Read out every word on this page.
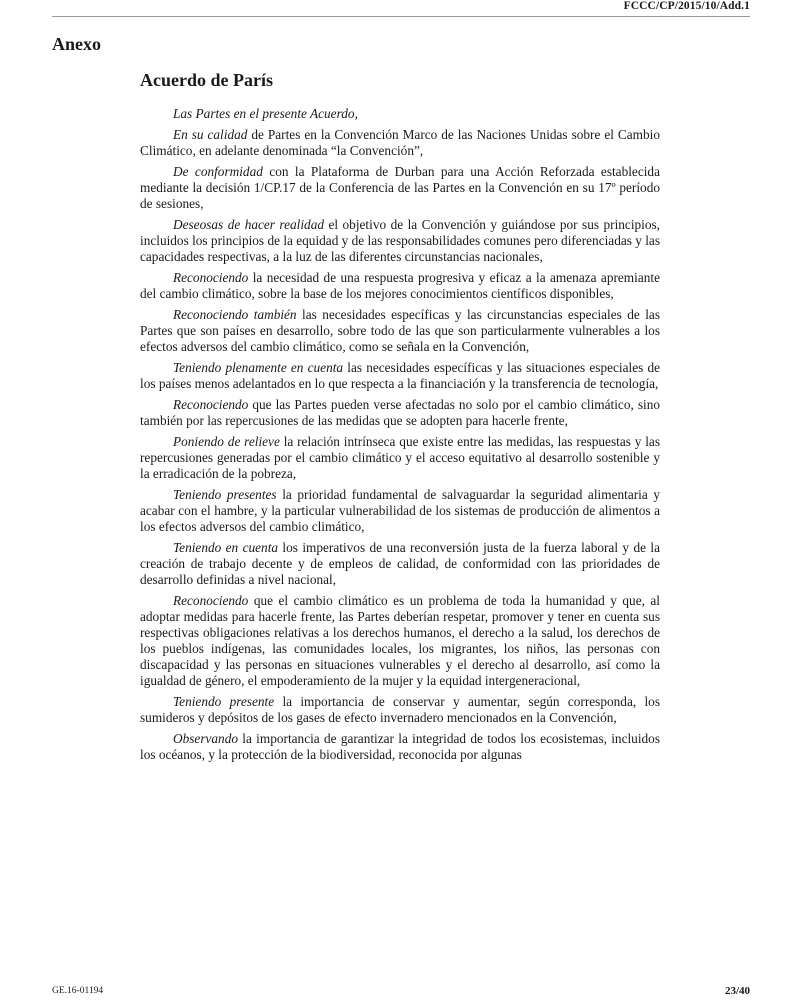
FCCC/CP/2015/10/Add.1
Anexo
Acuerdo de París

Las Partes en el presente Acuerdo,

En su calidad de Partes en la Convención Marco de las Naciones Unidas sobre el Cambio Climático, en adelante denominada “la Convención”,

De conformidad con la Plataforma de Durban para una Acción Reforzada establecida mediante la decisión 1/CP.17 de la Conferencia de las Partes en la Convención en su 17º período de sesiones,

Deseosas de hacer realidad el objetivo de la Convención y guiándose por sus principios, incluidos los principios de la equidad y de las responsabilidades comunes pero diferenciadas y las capacidades respectivas, a la luz de las diferentes circunstancias nacionales,

Reconociendo la necesidad de una respuesta progresiva y eficaz a la amenaza apremiante del cambio climático, sobre la base de los mejores conocimientos científicos disponibles,

Reconociendo también las necesidades específicas y las circunstancias especiales de las Partes que son países en desarrollo, sobre todo de las que son particularmente vulnerables a los efectos adversos del cambio climático, como se señala en la Convención,

Teniendo plenamente en cuenta las necesidades específicas y las situaciones especiales de los países menos adelantados en lo que respecta a la financiación y la transferencia de tecnología,

Reconociendo que las Partes pueden verse afectadas no solo por el cambio climático, sino también por las repercusiones de las medidas que se adopten para hacerle frente,

Poniendo de relieve la relación intrínseca que existe entre las medidas, las respuestas y las repercusiones generadas por el cambio climático y el acceso equitativo al desarrollo sostenible y la erradicación de la pobreza,

Teniendo presentes la prioridad fundamental de salvaguardar la seguridad alimentaria y acabar con el hambre, y la particular vulnerabilidad de los sistemas de producción de alimentos a los efectos adversos del cambio climático,

Teniendo en cuenta los imperativos de una reconversión justa de la fuerza laboral y de la creación de trabajo decente y de empleos de calidad, de conformidad con las prioridades de desarrollo definidas a nivel nacional,

Reconociendo que el cambio climático es un problema de toda la humanidad y que, al adoptar medidas para hacerle frente, las Partes deberían respetar, promover y tener en cuenta sus respectivas obligaciones relativas a los derechos humanos, el derecho a la salud, los derechos de los pueblos indígenas, las comunidades locales, los migrantes, los niños, las personas con discapacidad y las personas en situaciones vulnerables y el derecho al desarrollo, así como la igualdad de género, el empoderamiento de la mujer y la equidad intergeneracional,

Teniendo presente la importancia de conservar y aumentar, según corresponda, los sumideros y depósitos de los gases de efecto invernadero mencionados en la Convención,

Observando la importancia de garantizar la integridad de todos los ecosistemas, incluidos los océanos, y la protección de la biodiversidad, reconocida por algunas

GE.16-01194	23/40
